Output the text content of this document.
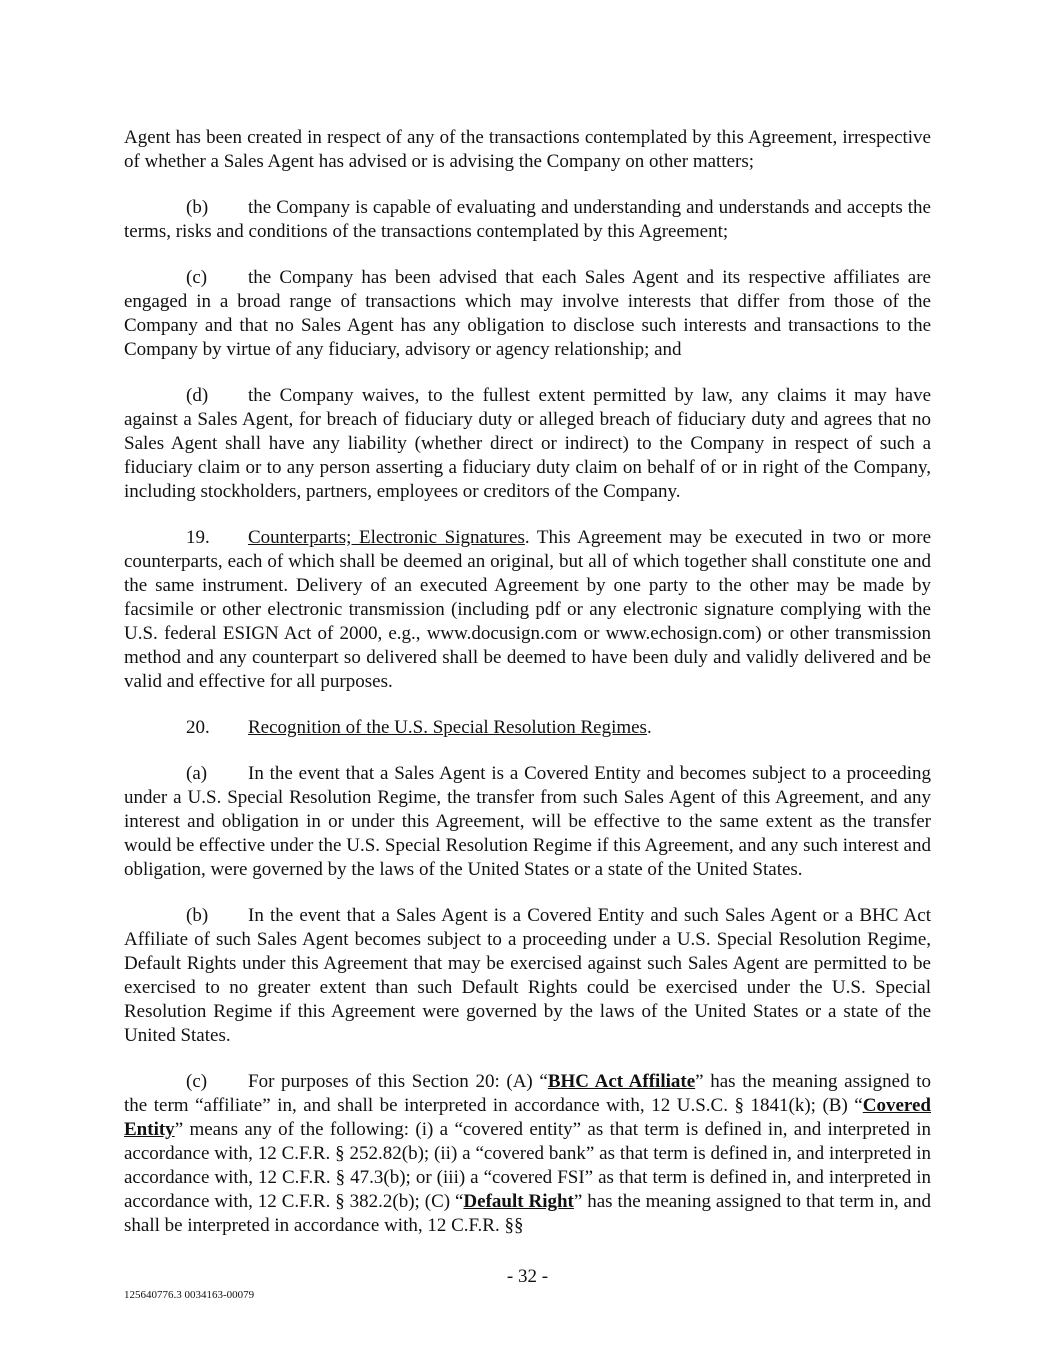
Agent has been created in respect of any of the transactions contemplated by this Agreement, irrespective of whether a Sales Agent has advised or is advising the Company on other matters;

(b) the Company is capable of evaluating and understanding and understands and accepts the terms, risks and conditions of the transactions contemplated by this Agreement;

(c) the Company has been advised that each Sales Agent and its respective affiliates are engaged in a broad range of transactions which may involve interests that differ from those of the Company and that no Sales Agent has any obligation to disclose such interests and transactions to the Company by virtue of any fiduciary, advisory or agency relationship; and

(d) the Company waives, to the fullest extent permitted by law, any claims it may have against a Sales Agent, for breach of fiduciary duty or alleged breach of fiduciary duty and agrees that no Sales Agent shall have any liability (whether direct or indirect) to the Company in respect of such a fiduciary claim or to any person asserting a fiduciary duty claim on behalf of or in right of the Company, including stockholders, partners, employees or creditors of the Company.

19. Counterparts; Electronic Signatures. This Agreement may be executed in two or more counterparts, each of which shall be deemed an original, but all of which together shall constitute one and the same instrument. Delivery of an executed Agreement by one party to the other may be made by facsimile or other electronic transmission (including pdf or any electronic signature complying with the U.S. federal ESIGN Act of 2000, e.g., www.docusign.com or www.echosign.com) or other transmission method and any counterpart so delivered shall be deemed to have been duly and validly delivered and be valid and effective for all purposes.

20. Recognition of the U.S. Special Resolution Regimes.

(a) In the event that a Sales Agent is a Covered Entity and becomes subject to a proceeding under a U.S. Special Resolution Regime, the transfer from such Sales Agent of this Agreement, and any interest and obligation in or under this Agreement, will be effective to the same extent as the transfer would be effective under the U.S. Special Resolution Regime if this Agreement, and any such interest and obligation, were governed by the laws of the United States or a state of the United States.

(b) In the event that a Sales Agent is a Covered Entity and such Sales Agent or a BHC Act Affiliate of such Sales Agent becomes subject to a proceeding under a U.S. Special Resolution Regime, Default Rights under this Agreement that may be exercised against such Sales Agent are permitted to be exercised to no greater extent than such Default Rights could be exercised under the U.S. Special Resolution Regime if this Agreement were governed by the laws of the United States or a state of the United States.

(c) For purposes of this Section 20: (A) “BHC Act Affiliate” has the meaning assigned to the term “affiliate” in, and shall be interpreted in accordance with, 12 U.S.C. § 1841(k); (B) “Covered Entity” means any of the following: (i) a “covered entity” as that term is defined in, and interpreted in accordance with, 12 C.F.R. § 252.82(b); (ii) a “covered bank” as that term is defined in, and interpreted in accordance with, 12 C.F.R. § 47.3(b); or (iii) a “covered FSI” as that term is defined in, and interpreted in accordance with, 12 C.F.R. § 382.2(b); (C) “Default Right” has the meaning assigned to that term in, and shall be interpreted in accordance with, 12 C.F.R. §§

- 32 -
125640776.3 0034163-00079
